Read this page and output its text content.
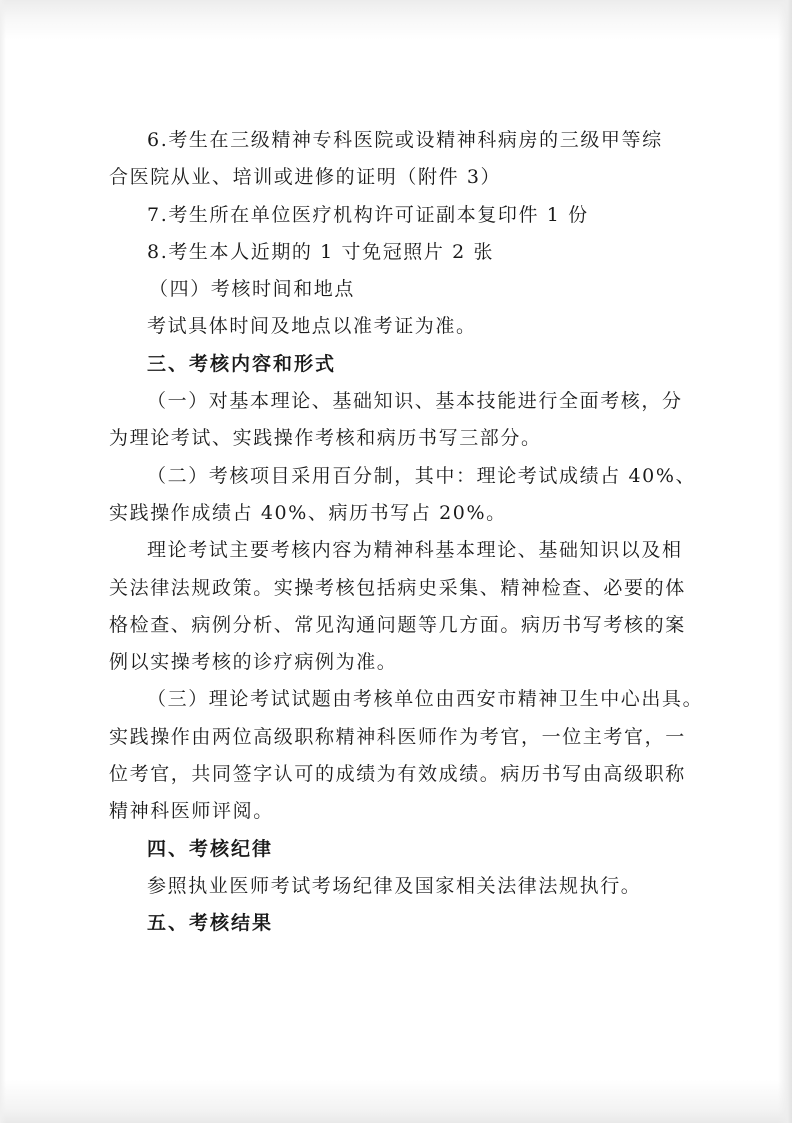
6.考生在三级精神专科医院或设精神科病房的三级甲等综
合医院从业、培训或进修的证明（附件 3）
7.考生所在单位医疗机构许可证副本复印件 1 份
8.考生本人近期的 1 寸免冠照片 2 张
（四）考核时间和地点
考试具体时间及地点以准考证为准。
三、考核内容和形式
（一）对基本理论、基础知识、基本技能进行全面考核，分
为理论考试、实践操作考核和病历书写三部分。
（二）考核项目采用百分制，其中：理论考试成绩占 40%、
实践操作成绩占 40%、病历书写占 20%。
理论考试主要考核内容为精神科基本理论、基础知识以及相
关法律法规政策。实操考核包括病史采集、精神检查、必要的体
格检查、病例分析、常见沟通问题等几方面。病历书写考核的案
例以实操考核的诊疗病例为准。
（三）理论考试试题由考核单位由西安市精神卫生中心出具。
实践操作由两位高级职称精神科医师作为考官，一位主考官，一
位考官，共同签字认可的成绩为有效成绩。病历书写由高级职称
精神科医师评阅。
四、考核纪律
参照执业医师考试考场纪律及国家相关法律法规执行。
五、考核结果
